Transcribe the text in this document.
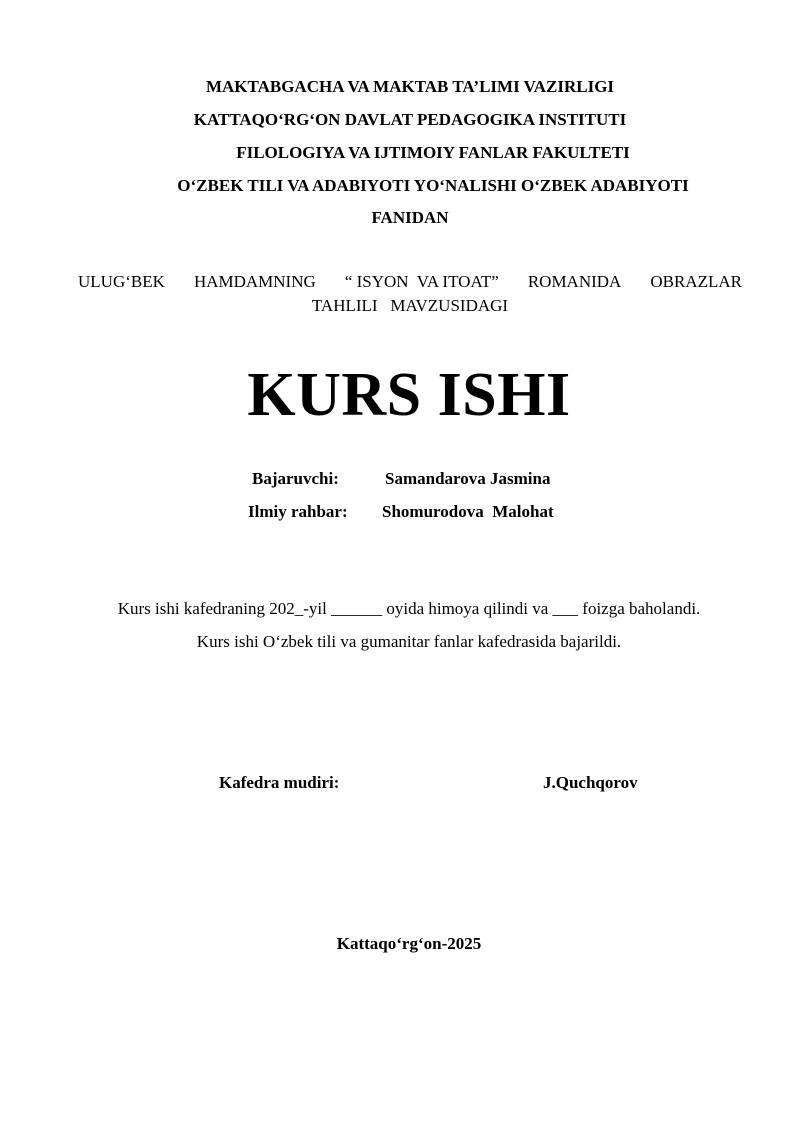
MAKTABGACHA VA MAKTAB TA’LIMI VAZIRLIGI
KATTAQO‘RG‘ON DAVLAT PEDAGOGIKA INSTITUTI
FILOLOGIYA VA IJTIMOIY FANLAR FAKULTETI
O‘ZBEK TILI VA ADABIYOTI YO‘NALISHI O‘ZBEK ADABIYOTI
FANIDAN
ULUG‘BEK HAMDAMNING “ ISYON  VA ITOAT” ROMANIDA OBRAZLAR
TAHLILI   MAVZUSIDAGI
KURS ISHI
Bajaruvchi:	Samandarova Jasmina
Ilmiy rahbar: Shomurodova  Malohat
Kurs ishi kafedraning 202_-yil ______ oyida himoya qilindi va ___ foizga baholandi.
Kurs ishi O‘zbek tili va gumanitar fanlar kafedrasida bajarildi.
Kafedra mudiri:	J.Quchqorov
Kattaqo‘rg‘on-2025
